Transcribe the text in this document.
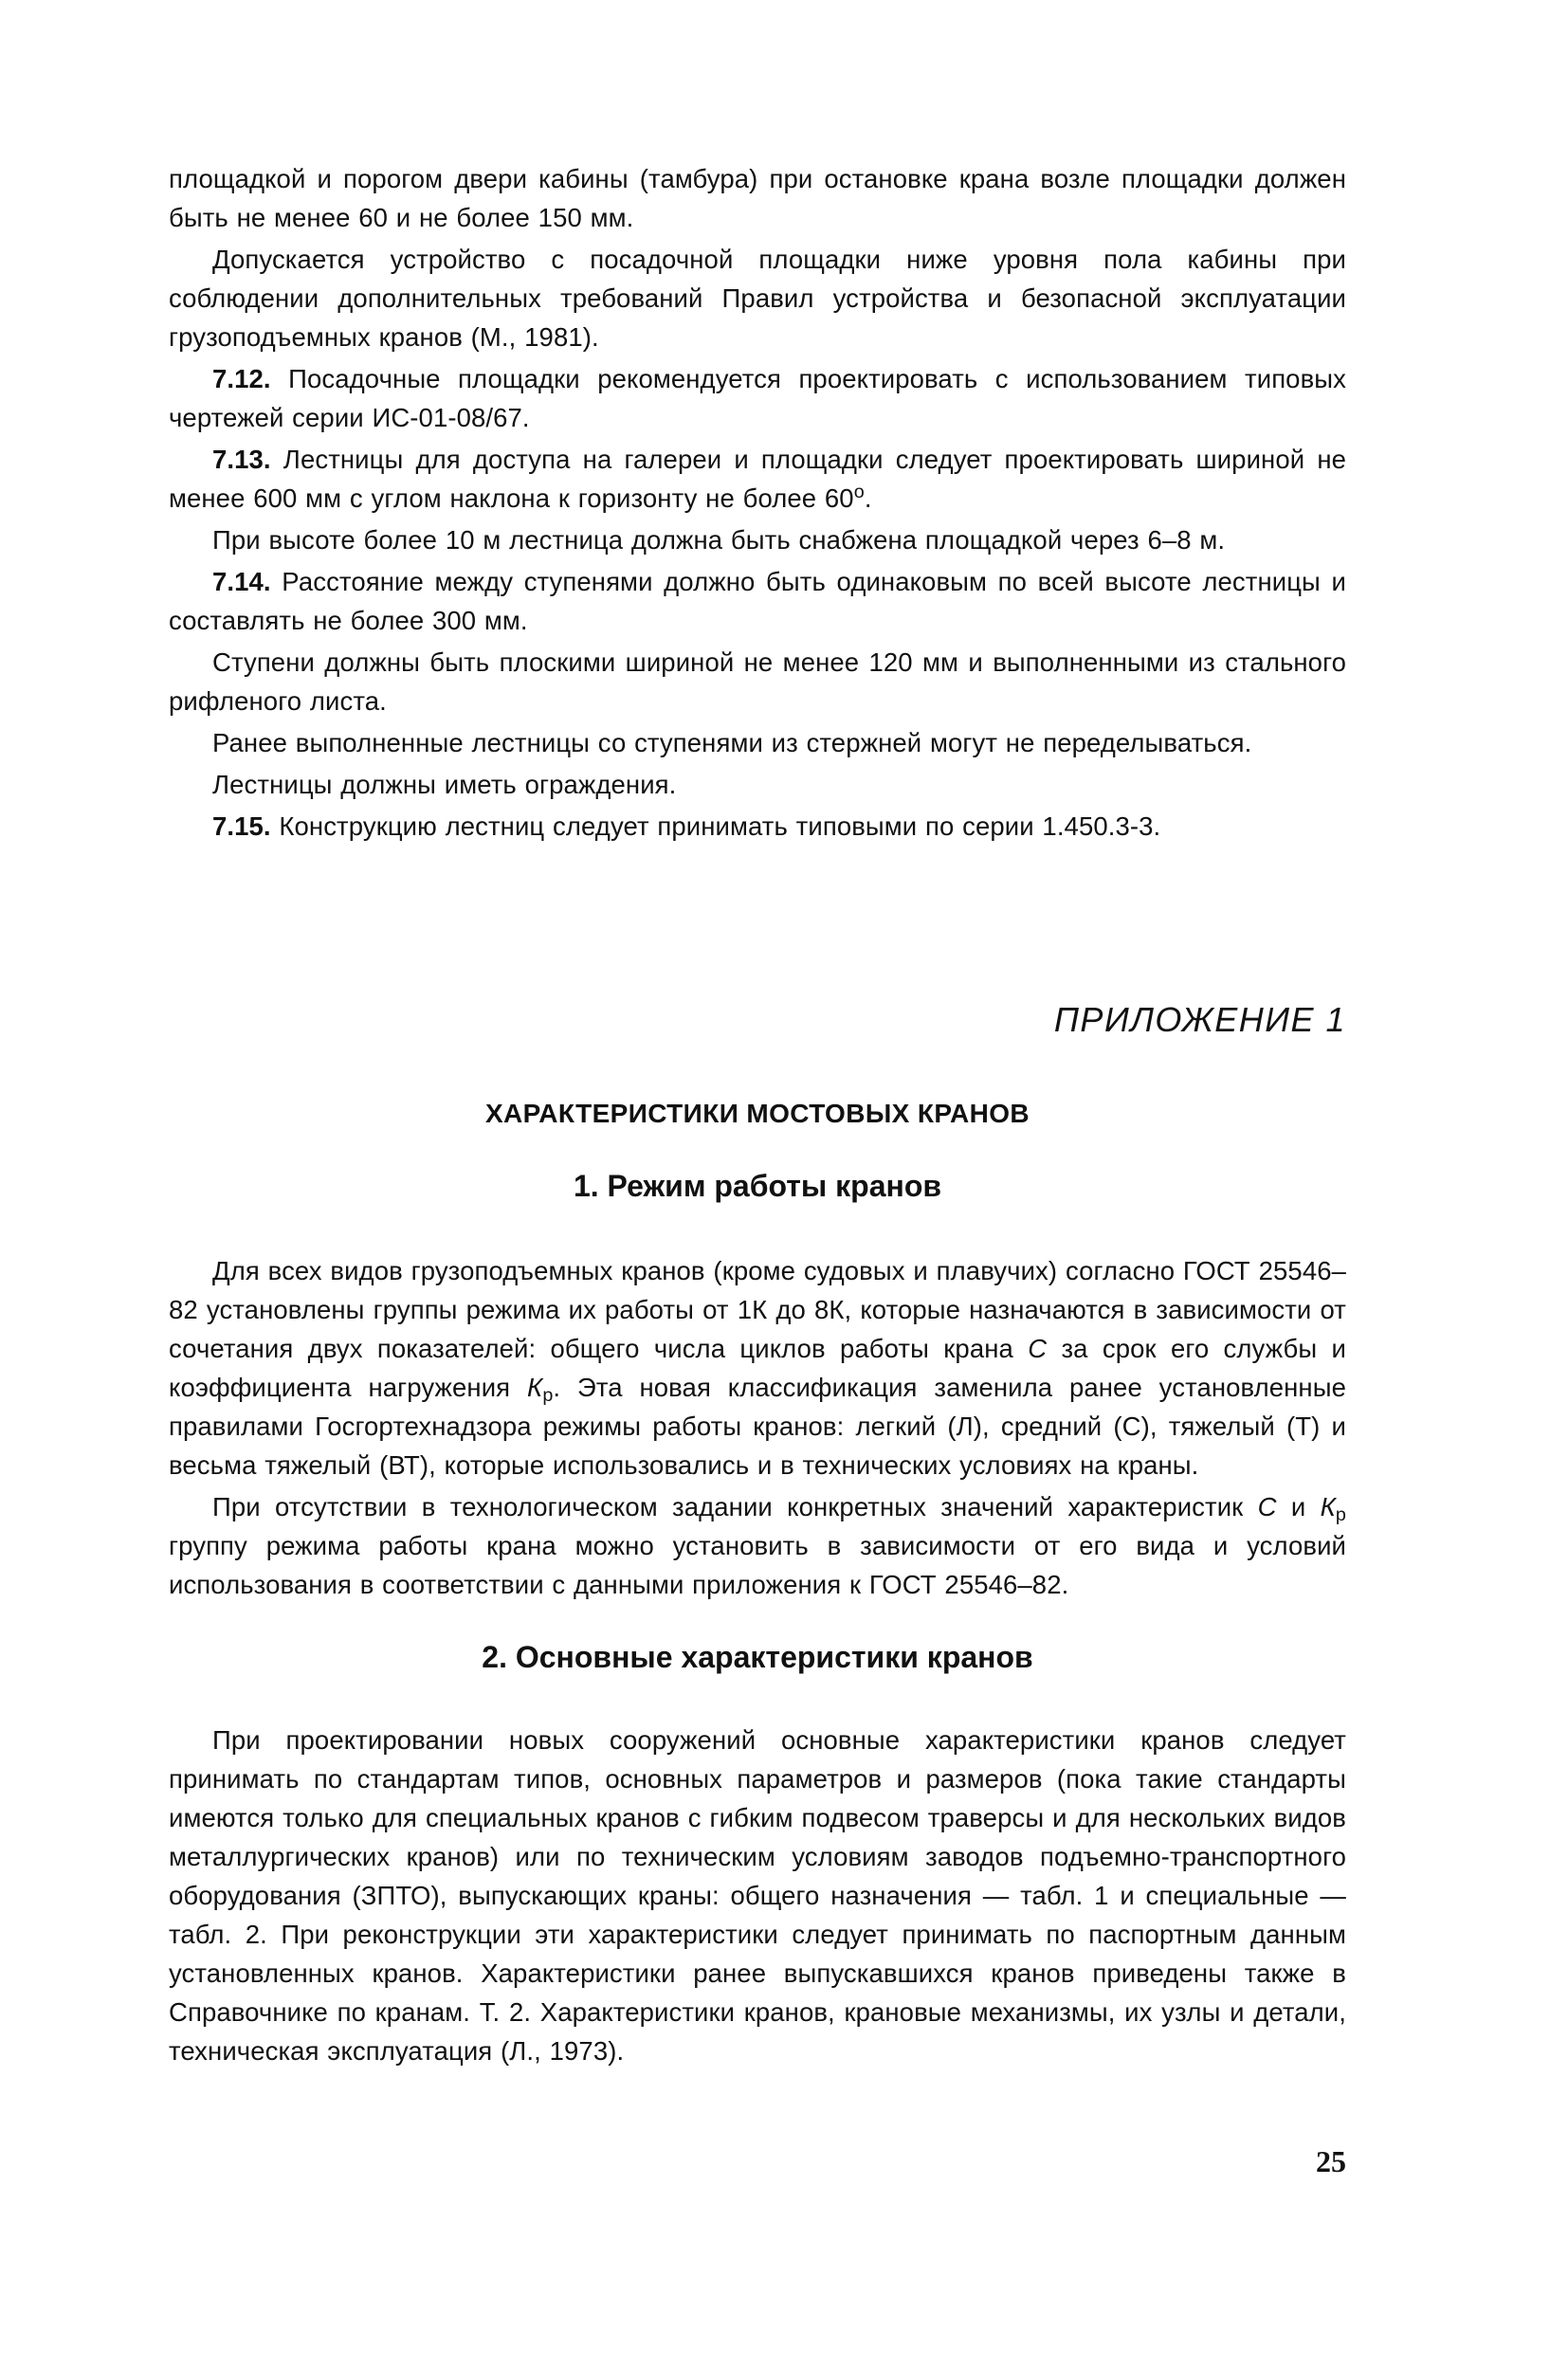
площадкой и порогом двери кабины (тамбура) при остановке крана возле площадки должен быть не менее 60 и не более 150 мм.

Допускается устройство с посадочной площадки ниже уровня пола кабины при соблюдении дополнительных требований Правил устройства и безопасной эксплуатации грузоподъемных кранов (М., 1981).

7.12. Посадочные площадки рекомендуется проектировать с использованием типовых чертежей серии ИС-01-08/67.

7.13. Лестницы для доступа на галереи и площадки следует проектировать шириной не менее 600 мм с углом наклона к горизонту не более $60^о$.

При высоте более 10 м лестница должна быть снабжена площадкой через 6–8 м.

7.14. Расстояние между ступенями должно быть одинаковым по всей высоте лестницы и составлять не более 300 мм.

Ступени должны быть плоскими шириной не менее 120 мм и выполненными из стального рифленого листа.

Ранее выполненные лестницы со ступенями из стержней могут не переделываться.

Лестницы должны иметь ограждения.

7.15. Конструкцию лестниц следует принимать типовыми по серии 1.450.3-3.

ПРИЛОЖЕНИЕ 1
ХАРАКТЕРИСТИКИ МОСТОВЫХ КРАНОВ
1. Режим работы кранов

Для всех видов грузоподъемных кранов (кроме судовых и плавучих) согласно ГОСТ 25546–82 установлены группы режима их работы от 1К до 8К, которые назначаются в зависимости от сочетания двух показателей: общего числа циклов работы крана С за срок его службы и коэффициента нагружения $К_р$. Эта новая классификация заменила ранее установленные правилами Госгортехнадзора режимы работы кранов: легкий (Л), средний (С), тяжелый (Т) и весьма тяжелый (ВТ), которые использовались и в технических условиях на краны.

При отсутствии в технологическом задании конкретных значений характеристик С и $К_р$ группу режима работы крана можно установить в зависимости от его вида и условий использования в соответствии с данными приложения к ГОСТ 25546–82.

2. Основные характеристики кранов

При проектировании новых сооружений основные характеристики кранов следует принимать по стандартам типов, основных параметров и размеров (пока такие стандарты имеются только для специальных кранов с гибким подвесом траверсы и для нескольких видов металлургических кранов) или по техническим условиям заводов подъемно-транспортного оборудования (ЗПТО), выпускающих краны: общего назначения — табл. 1 и специальные — табл. 2. При реконструкции эти характеристики следует принимать по паспортным данным установленных кранов. Характеристики ранее выпускавшихся кранов приведены также в Справочнике по кранам. Т. 2. Характеристики кранов, крановые механизмы, их узлы и детали, техническая эксплуатация (Л., 1973).

25
